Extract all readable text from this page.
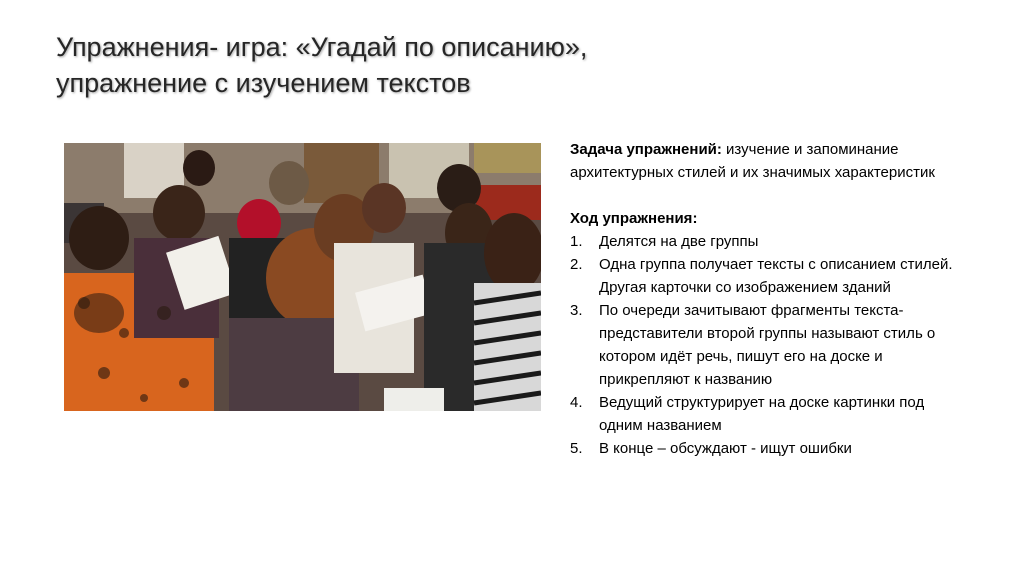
Упражнения- игра: «Угадай по описанию»,
упражнение с изучением текстов

Задача упражнений: изучение и запоминание архитектурных стилей и их значимых характеристик

Ход упражнения:

1. Делятся на две группы
2. Одна группа получает тексты с описанием стилей. Другая карточки со изображением зданий
3. По очереди зачитывают фрагменты текста- представители второй группы называют стиль о котором идёт речь, пишут его на доске и прикрепляют к названию
4. Ведущий структурирует на доске картинки под одним названием
5. В конце – обсуждают - ищут ошибки
